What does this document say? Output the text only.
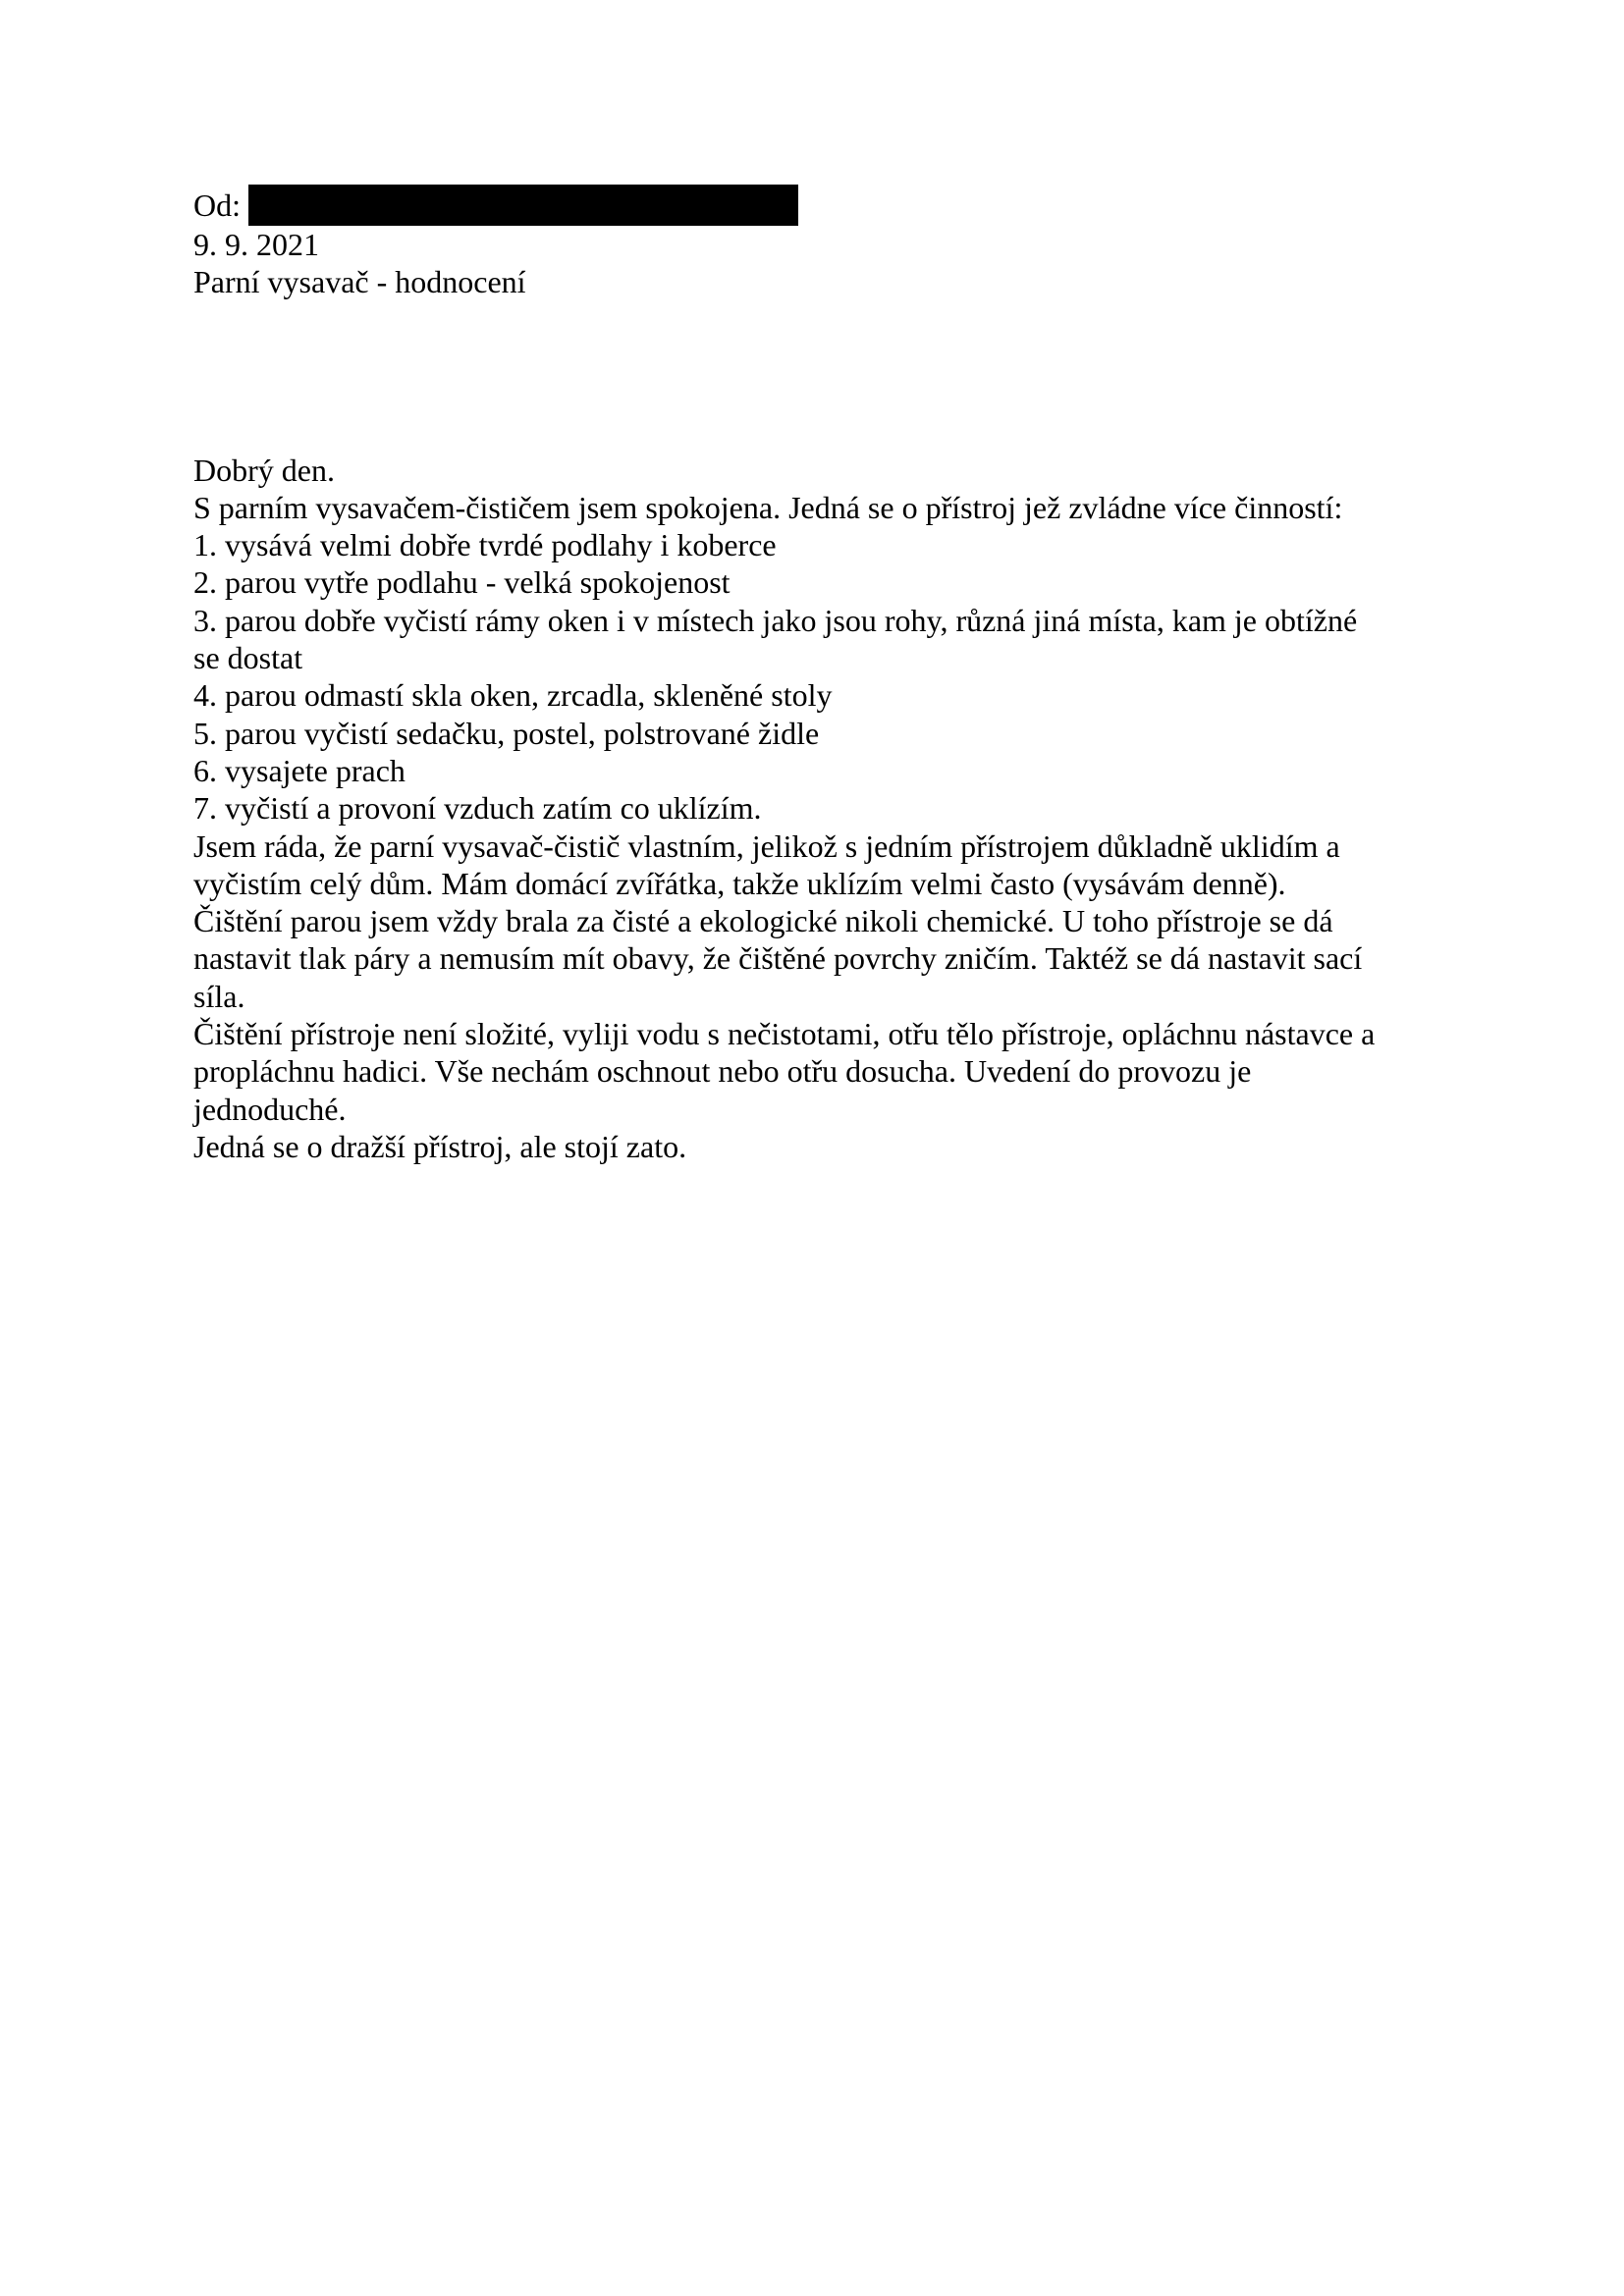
Od:
9. 9. 2021
Parní vysavač - hodnocení
Dobrý den.
S parním vysavačem-čističem jsem spokojena. Jedná se o přístroj jež zvládne více činností:
1. vysává velmi dobře tvrdé podlahy i koberce
2. parou vytře podlahu - velká spokojenost
3. parou dobře vyčistí rámy oken i v místech jako jsou rohy, různá jiná místa, kam je obtížné
se dostat
4. parou odmastí skla oken, zrcadla, skleněné stoly
5. parou vyčistí sedačku, postel, polstrované židle
6. vysajete prach
7. vyčistí a provoní vzduch zatím co uklízím.
Jsem ráda, že parní vysavač-čistič vlastním, jelikož s jedním přístrojem důkladně uklidím a
vyčistím celý dům. Mám domácí zvířátka, takže uklízím velmi často (vysávám denně).
Čištění parou jsem vždy brala za čisté a ekologické nikoli chemické. U toho přístroje se dá
nastavit tlak páry a nemusím mít obavy, že čištěné povrchy zničím. Taktéž se dá nastavit sací
síla.
Čištění přístroje není složité, vyliji vodu s nečistotami, otřu tělo přístroje, opláchnu nástavce a
propláchnu hadici. Vše nechám oschnout nebo otřu dosucha. Uvedení do provozu je
jednoduché.
Jedná se o dražší přístroj, ale stojí zato.
